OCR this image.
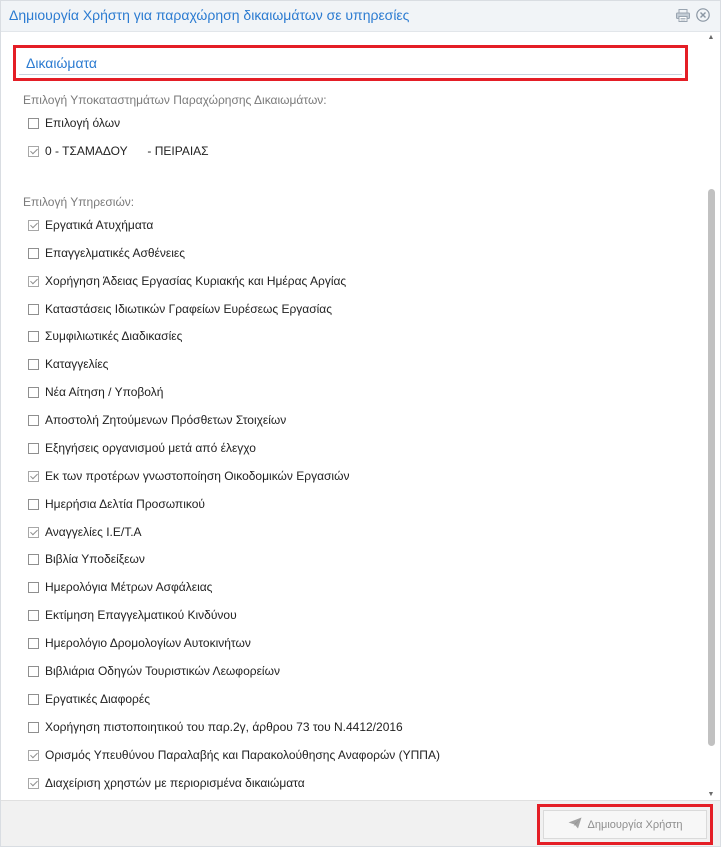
Δημιουργία Χρήστη για παραχώρηση δικαιωμάτων σε υπηρεσίες
Δικαιώματα
Επιλογή Υποκαταστημάτων Παραχώρησης Δικαιωμάτων:
Επιλογή όλων
0 - ΤΣΑΜΑΔΟΥ      - ΠΕΙΡΑΙΑΣ
Επιλογή Υπηρεσιών:
Εργατικά Ατυχήματα
Επαγγελματικές Ασθένειες
Χορήγηση Άδειας Εργασίας Κυριακής και Ημέρας Αργίας
Καταστάσεις Ιδιωτικών Γραφείων Ευρέσεως Εργασίας
Συμφιλιωτικές Διαδικασίες
Καταγγελίες
Νέα Αίτηση / Υποβολή
Αποστολή Ζητούμενων Πρόσθετων Στοιχείων
Εξηγήσεις οργανισμού μετά από έλεγχο
Εκ των προτέρων γνωστοποίηση Οικοδομικών Εργασιών
Ημερήσια Δελτία Προσωπικού
Αναγγελίες Ι.Ε/Τ.Α
Βιβλία Υποδείξεων
Ημερολόγια Μέτρων Ασφάλειας
Εκτίμηση Επαγγελματικού Κινδύνου
Ημερολόγιο Δρομολογίων Αυτοκινήτων
Βιβλιάρια Οδηγών Τουριστικών Λεωφορείων
Εργατικές Διαφορές
Χορήγηση πιστοποιητικού του παρ.2γ, άρθρου 73 του Ν.4412/2016
Ορισμός Υπευθύνου Παραλαβής και Παρακολούθησης Αναφορών (ΥΠΠΑ)
Διαχείριση χρηστών με περιορισμένα δικαιώματα
▲
▼
Δημιουργία Χρήστη
